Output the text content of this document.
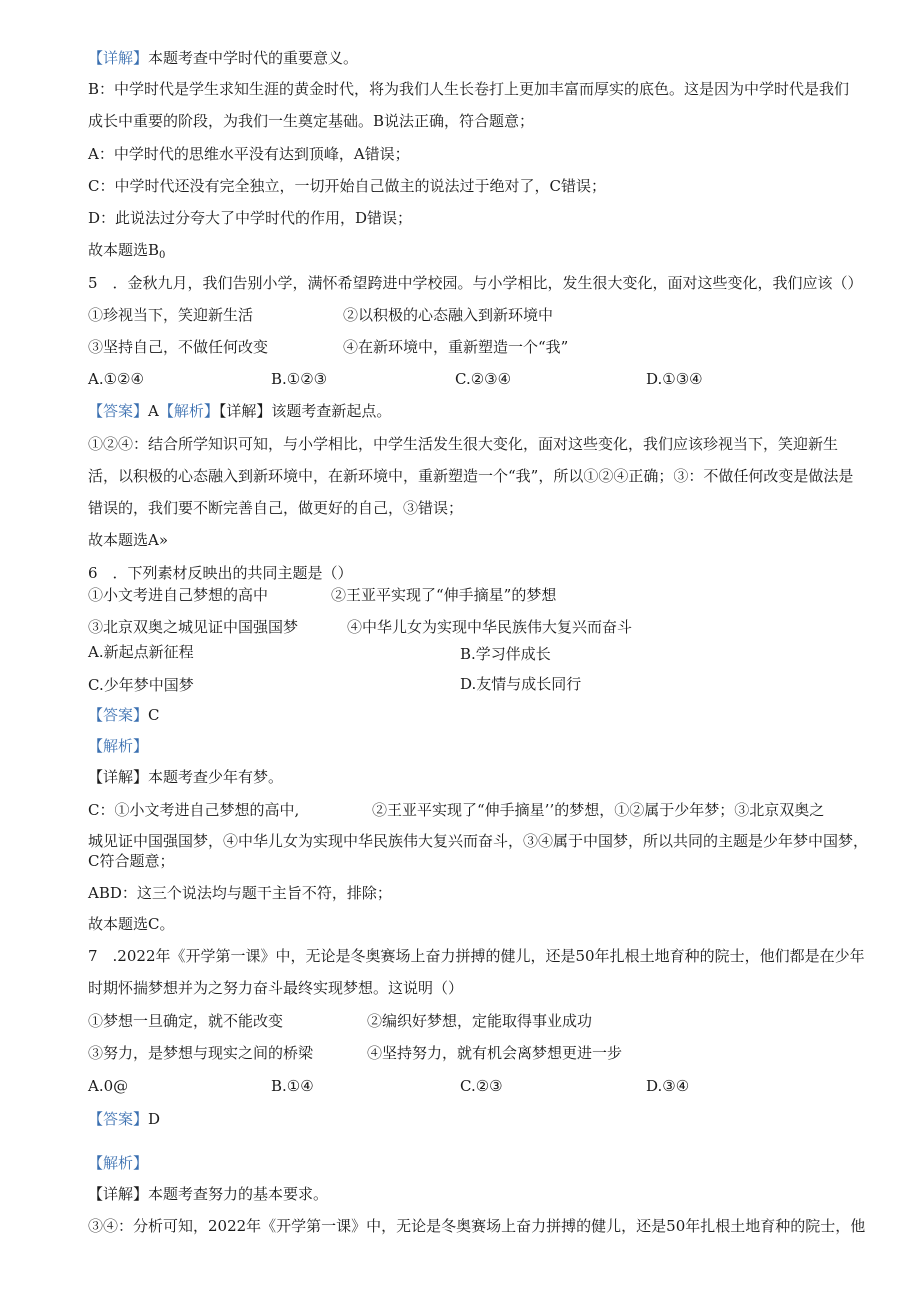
【详解】本题考查中学时代的重要意义。
B：中学时代是学生求知生涯的黄金时代，将为我们人生长卷打上更加丰富而厚实的底色。这是因为中学时代是我们
成长中重要的阶段，为我们一生奠定基础。B说法正确，符合题意；
A：中学时代的思维水平没有达到顶峰，A错误；
C：中学时代还没有完全独立，一切开始自己做主的说法过于绝对了，C错误；
D：此说法过分夸大了中学时代的作用，D错误；
故本题选$B_0$
5　．金秋九月，我们告别小学，满怀希望跨进中学校园。与小学相比，发生很大变化，面对这些变化，我们应该（）
①珍视当下，笑迎新生活	②以积极的心态融入到新环境中
③坚持自己，不做任何改变	④在新环境中，重新塑造一个“我”
A.①②④	B.①②③	C.②③④	D.①③④
【答案】A【解析】【详解】该题考查新起点。
①②④：结合所学知识可知，与小学相比，中学生活发生很大变化，面对这些变化，我们应该珍视当下，笑迎新生
活，以积极的心态融入到新环境中，在新环境中，重新塑造一个“我”，所以①②④正确；③：不做任何改变是做法是
错误的，我们要不断完善自己，做更好的自己，③错误；
故本题选A»
6　．下列素材反映出的共同主题是（）
①小文考进自己梦想的高中	②王亚平实现了“伸手摘星”的梦想
③北京双奥之城见证中国强国梦	④中华儿女为实现中华民族伟大复兴而奋斗
A.新起点新征程	B.学习伴成长
C.少年梦中国梦	D.友情与成长同行
【答案】C
【解析】
【详解】本题考查少年有梦。
C：①小文考进自己梦想的高中,	②王亚平实现了“伸手摘星’’的梦想，①②属于少年梦；③北京双奥之
城见证中国强国梦，④中华儿女为实现中华民族伟大复兴而奋斗，③④属于中国梦，所以共同的主题是少年梦中国梦，
C符合题意；
ABD：这三个说法均与题干主旨不符，排除；
故本题选C。
7　.2022年《开学第一课》中，无论是冬奥赛场上奋力拼搏的健儿，还是50年扎根土地育种的院士，他们都是在少年
时期怀揣梦想并为之努力奋斗最终实现梦想。这说明（）
①梦想一旦确定，就不能改变	②编织好梦想，定能取得事业成功
③努力，是梦想与现实之间的桥梁	④坚持努力，就有机会离梦想更进一步
A.0@	B.①④	C.②③	D.③④
【答案】D
【解析】
【详解】本题考查努力的基本要求。
③④：分析可知，2022年《开学第一课》中，无论是冬奥赛场上奋力拼搏的健儿，还是50年扎根土地育种的院士，他
